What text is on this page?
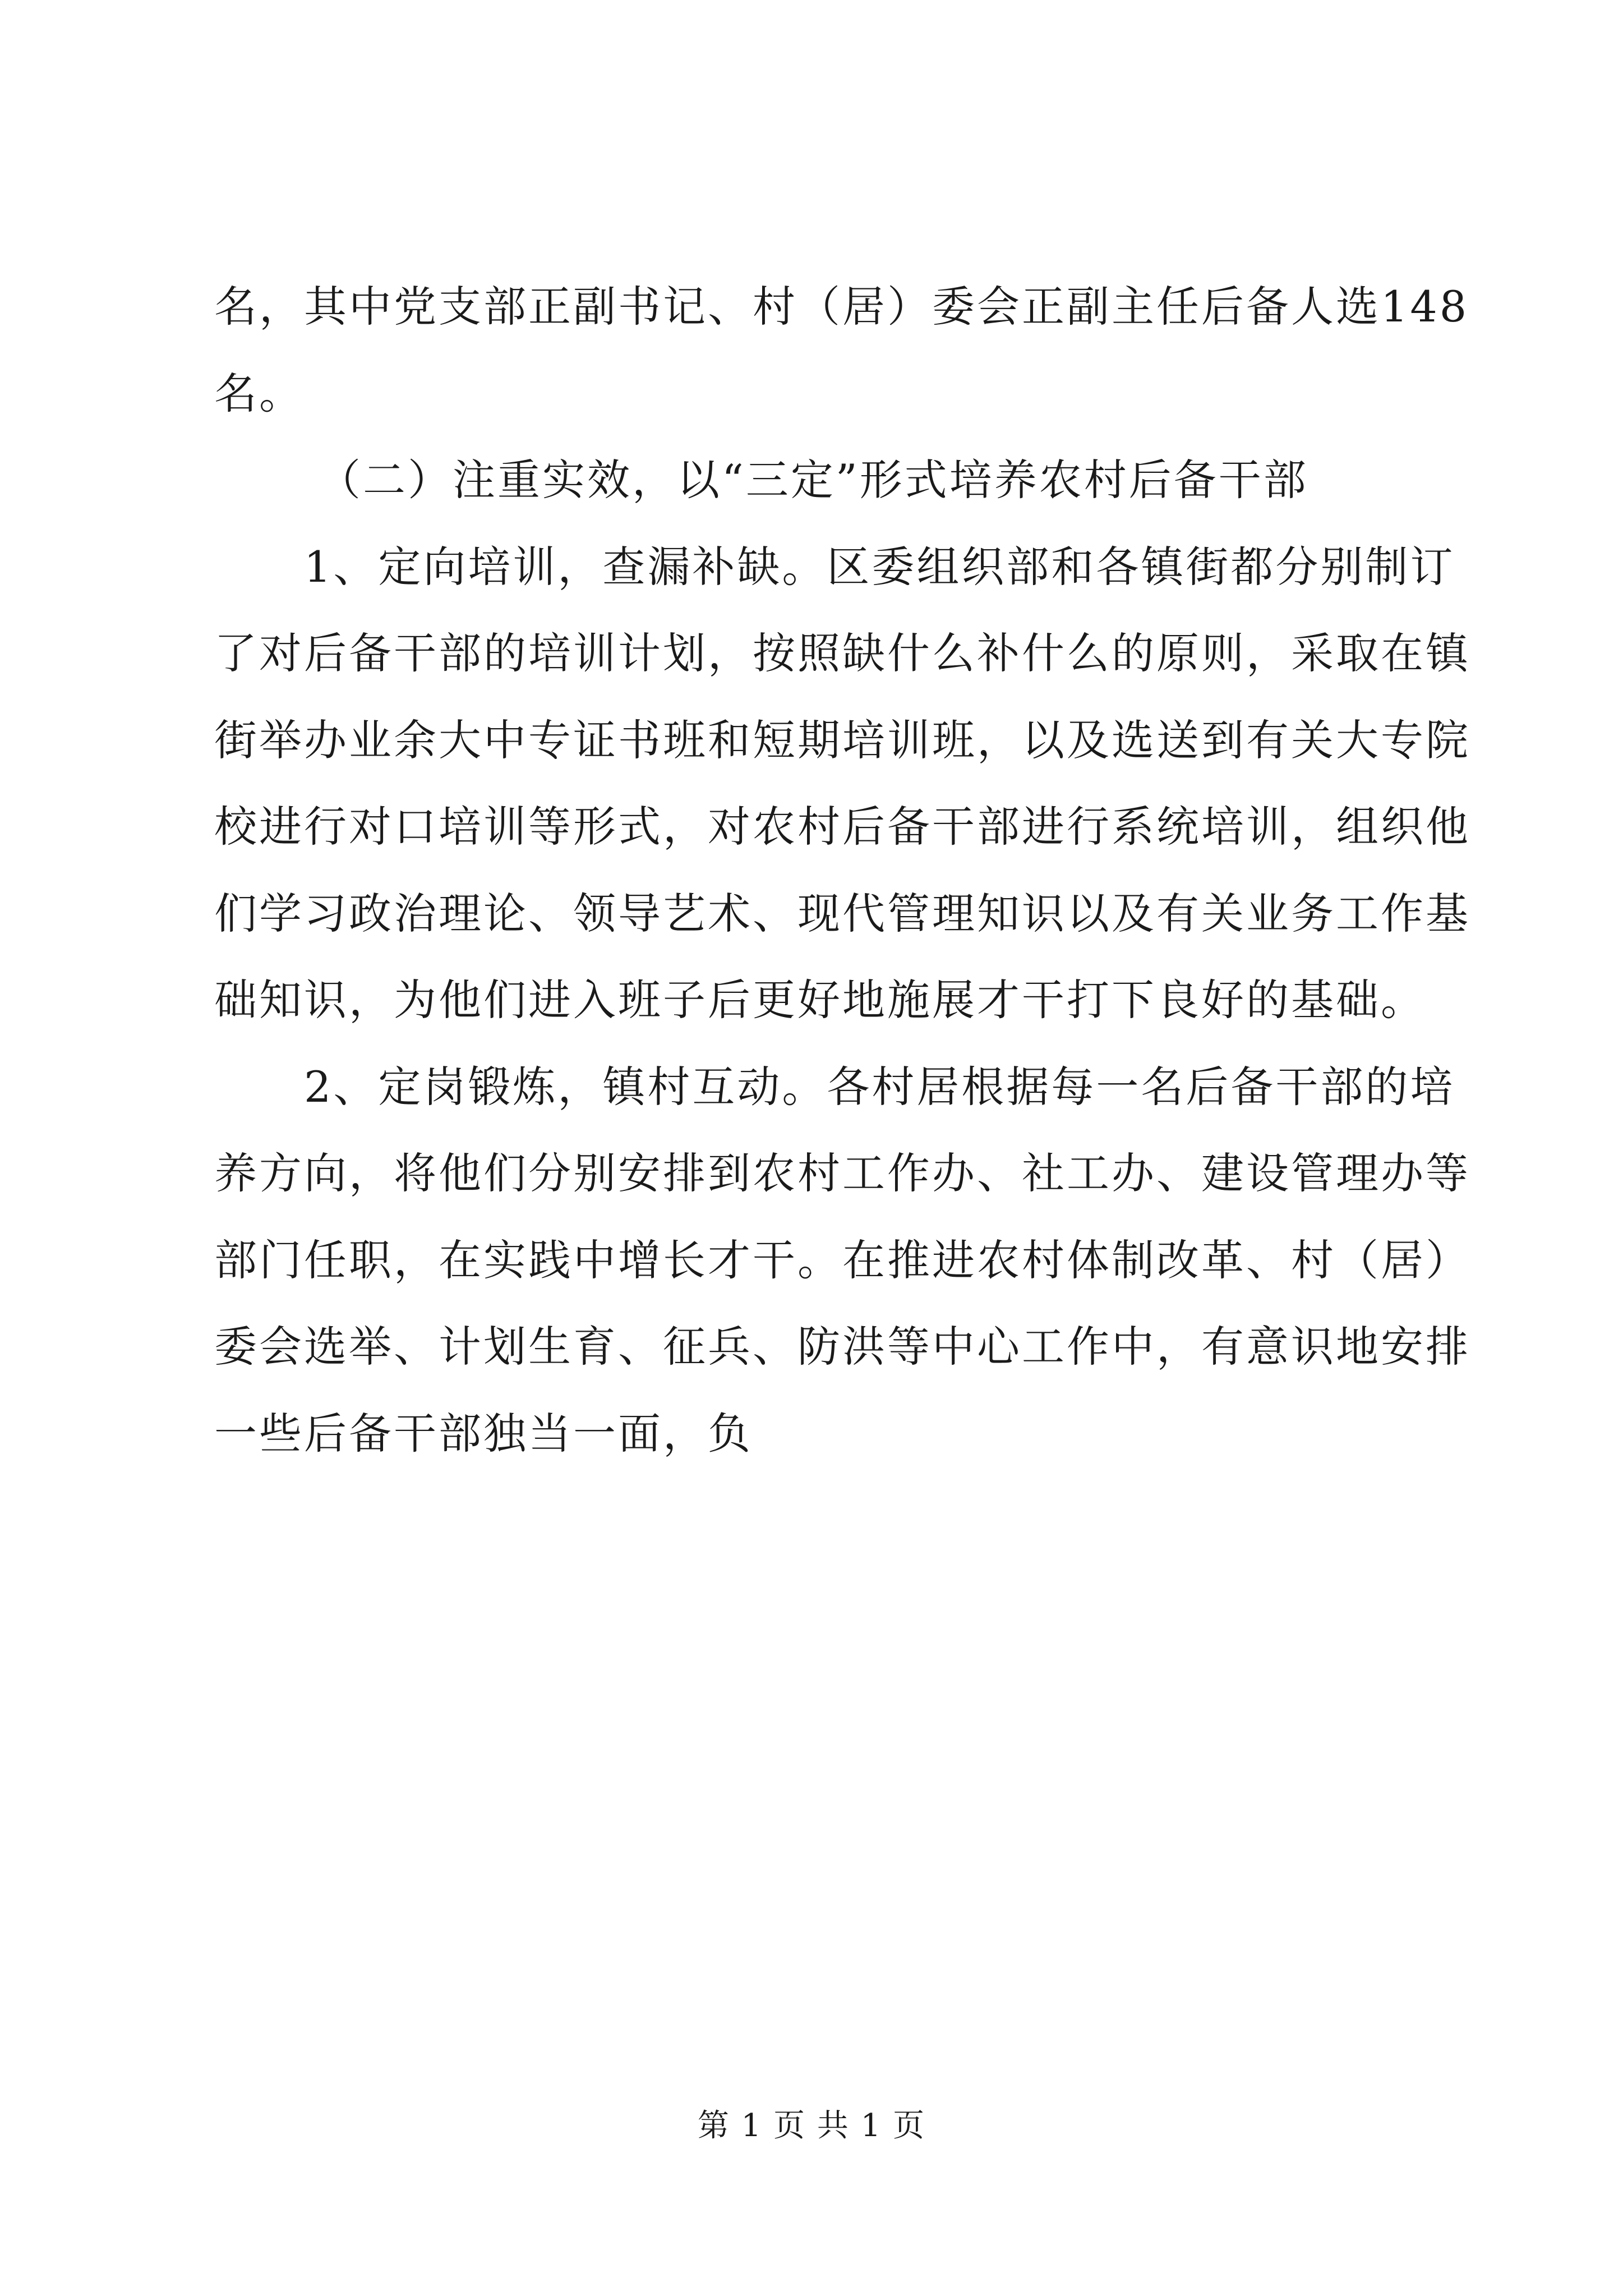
名，其中党支部正副书记、村（居）委会正副主任后备人选148
名。
（二）注重实效，以“三定”形式培养农村后备干部
1、定向培训，查漏补缺。区委组织部和各镇街都分别制订
了对后备干部的培训计划，按照缺什么补什么的原则，采取在镇
街举办业余大中专证书班和短期培训班，以及选送到有关大专院
校进行对口培训等形式，对农村后备干部进行系统培训，组织他
们学习政治理论、领导艺术、现代管理知识以及有关业务工作基
础知识，为他们进入班子后更好地施展才干打下良好的基础。
2、定岗锻炼，镇村互动。各村居根据每一名后备干部的培
养方向，将他们分别安排到农村工作办、社工办、建设管理办等
部门任职，在实践中增长才干。在推进农村体制改革、村（居）
委会选举、计划生育、征兵、防洪等中心工作中，有意识地安排
一些后备干部独当一面，负
第 1 页 共 1 页
